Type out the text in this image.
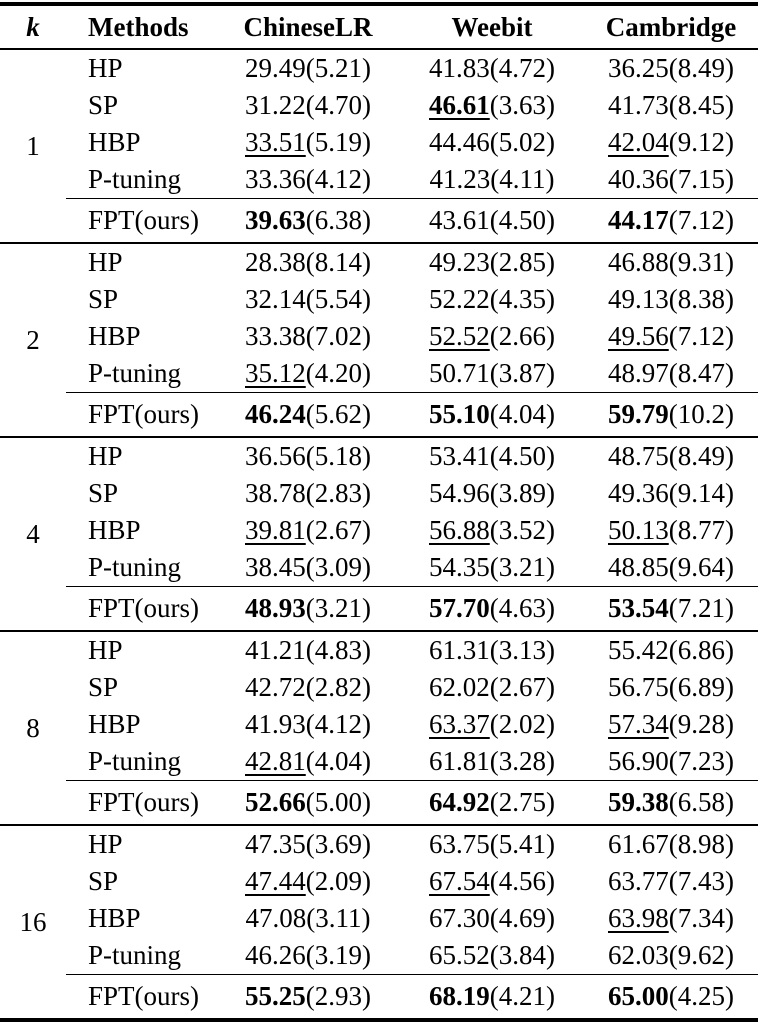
k	Methods	ChineseLR	Weebit	Cambridge
1	HP	29.49(5.21)	41.83(4.72)	36.25(8.49)
	SP	31.22(4.70)	46.61(3.63)	41.73(8.45)
	HBP	33.51(5.19)	44.46(5.02)	42.04(9.12)
	P-tuning	33.36(4.12)	41.23(4.11)	40.36(7.15)
	FPT(ours)	39.63(6.38)	43.61(4.50)	44.17(7.12)
2	HP	28.38(8.14)	49.23(2.85)	46.88(9.31)
	SP	32.14(5.54)	52.22(4.35)	49.13(8.38)
	HBP	33.38(7.02)	52.52(2.66)	49.56(7.12)
	P-tuning	35.12(4.20)	50.71(3.87)	48.97(8.47)
	FPT(ours)	46.24(5.62)	55.10(4.04)	59.79(10.2)
4	HP	36.56(5.18)	53.41(4.50)	48.75(8.49)
	SP	38.78(2.83)	54.96(3.89)	49.36(9.14)
	HBP	39.81(2.67)	56.88(3.52)	50.13(8.77)
	P-tuning	38.45(3.09)	54.35(3.21)	48.85(9.64)
	FPT(ours)	48.93(3.21)	57.70(4.63)	53.54(7.21)
8	HP	41.21(4.83)	61.31(3.13)	55.42(6.86)
	SP	42.72(2.82)	62.02(2.67)	56.75(6.89)
	HBP	41.93(4.12)	63.37(2.02)	57.34(9.28)
	P-tuning	42.81(4.04)	61.81(3.28)	56.90(7.23)
	FPT(ours)	52.66(5.00)	64.92(2.75)	59.38(6.58)
16	HP	47.35(3.69)	63.75(5.41)	61.67(8.98)
	SP	47.44(2.09)	67.54(4.56)	63.77(7.43)
	HBP	47.08(3.11)	67.30(4.69)	63.98(7.34)
	P-tuning	46.26(3.19)	65.52(3.84)	62.03(9.62)
	FPT(ours)	55.25(2.93)	68.19(4.21)	65.00(4.25)
